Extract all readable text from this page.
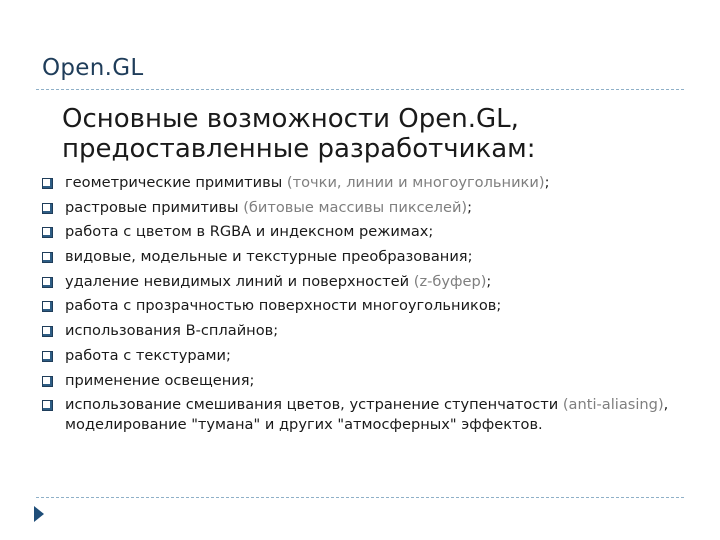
Open.GL
Основные возможности Open.GL, предоставленные разработчикам:
геометрические примитивы (точки, линии и многоугольники);
растровые примитивы (битовые массивы пикселей);
работа с цветом в RGBA и индексном режимах;
видовые, модельные и текстурные преобразования;
удаление невидимых линий и поверхностей (z-буфер);
работа с прозрачностью поверхности многоугольников;
использования В-сплайнов;
работа с текстурами;
применение освещения;
использование смешивания цветов, устранение ступенчатости (anti-aliasing), моделирование "тумана" и других "атмосферных" эффектов.
